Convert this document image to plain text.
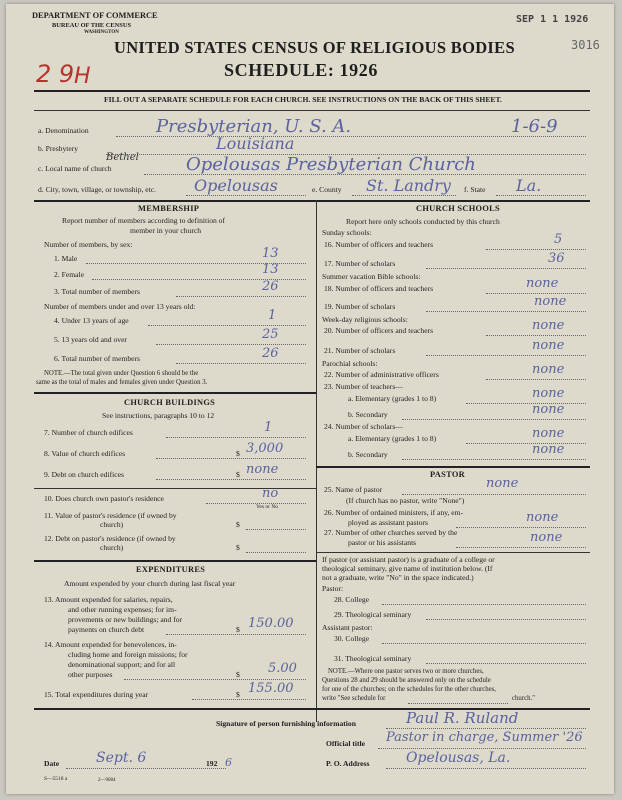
DEPARTMENT OF COMMERCE
BUREAU OF THE CENSUS
WASHINGTON
UNITED STATES CENSUS OF RELIGIOUS BODIES
SCHEDULE: 1926
SEP 1 1 1926
3016
2 9 H
FILL OUT A SEPARATE SCHEDULE FOR EACH CHURCH. SEE INSTRUCTIONS ON THE BACK OF THIS SHEET.
a. Denomination	Presbyterian, U. S. A.	1-6-9
b. Presbytery	Louisiana
c. Local name of church
Bethel	Opelousas Presbyterian Church
d. City, town, village, or township, etc. Opelousas	e. County St. Landry f. State La.
MEMBERSHIP
Report number of members according to definition of
member in your church
Number of members, by sex:
1. Male	13
2. Female	13
3. Total number of members	26
Number of members under and over 13 years old:
4. Under 13 years of age	1
5. 13 years old and over	25
6. Total number of members	26
NOTE.—The total given under Question 6 should be the
same as the total of males and females given under Question 3.
CHURCH BUILDINGS
See instructions, paragraphs 10 to 12
7. Number of church edifices	1
8. Value of church edifices	$ 3,000
9. Debt on church edifices	$ none
10. Does church own pastor's residence	no
Yes or No
11. Value of pastor's residence (if owned by
church)	$
12. Debt on pastor's residence (if owned by
church)	$
EXPENDITURES
Amount expended by your church during last fiscal year
13. Amount expended for salaries, repairs,
and other running expenses; for im-
provements or new buildings; and for
payments on church debt	$ 150.00
14. Amount expended for benevolences, in-
cluding home and foreign missions; for
denominational support; and for all
other purposes	$ 5.00
15. Total expenditures during year	$ 155.00
CHURCH SCHOOLS
Report here only schools conducted by this church
Sunday schools:
16. Number of officers and teachers	5
17. Number of scholars	36
Summer vacation Bible schools:
18. Number of officers and teachers	none
19. Number of scholars	none
Week-day religious schools:
20. Number of officers and teachers	none
21. Number of scholars	none
Parochial schools:
22. Number of administrative officers	none
23. Number of teachers—
a. Elementary (grades 1 to 8)	none
b. Secondary	none
24. Number of scholars—
a. Elementary (grades 1 to 8)	none
b. Secondary	none
PASTOR
25. Name of pastor	none
(If church has no pastor, write "None")
26. Number of ordained ministers, if any, em-
ployed as assistant pastors	none
27. Number of other churches served by the
pastor or his assistants	none
If pastor (or assistant pastor) is a graduate of a college or
theological seminary, give name of institution below. (If
not a graduate, write "No" in the space indicated.)
Pastor:
28. College
29. Theological seminary
Assistant pastor:
30. College
31. Theological seminary
NOTE.—Where one pastor serves two or more churches,
Questions 28 and 29 should be answered only on the schedule
for one of the churches; on the schedules for the other churches,
write "See schedule for	church."
Signature of person furnishing information	Paul R. Ruland
Official title Pastor in charge, Summer '26
Date	Sept. 6	192 6	P. O. Address	Opelousas, La.
S—5518 a	2—9084
